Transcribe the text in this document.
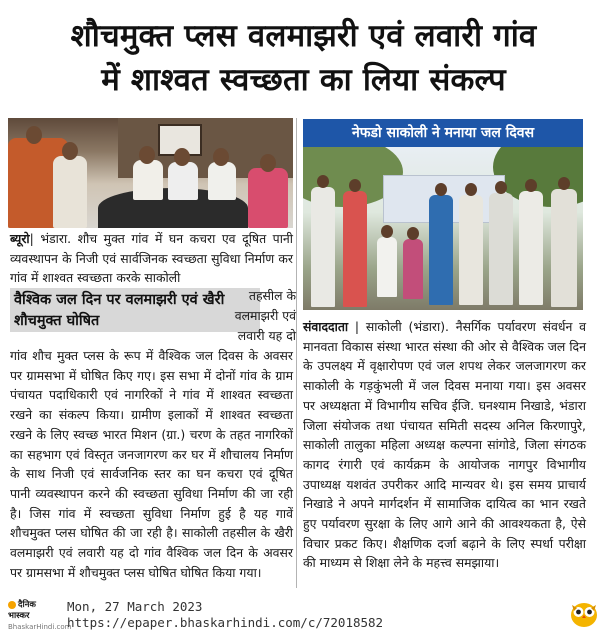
शौचमुक्त प्लस वलमाझरी एवं लवारी गांव
में शाश्वत स्वच्छता का लिया संकल्प
नेफडो साकोली ने मनाया जल दिवस

ब्यूरो| भंडारा. शौच मुक्त गांव में घन कचरा एव दूषित पानी व्यवस्थापन के निजी एवं सार्वजिनक स्वच्छता सुविधा निर्माण कर गांव में शाश्वत स्वच्छता करके साकोली

वैश्विक जल दिन पर वलमाझरी एवं खैरी शौचमुक्त घोषित
तहसील के
वलमाझरी एवं
लवारी यह दो

गांव शौच मुक्त प्लस के रूप में वैश्विक जल दिवस के अवसर पर ग्रामसभा में घोषित किए गए। इस सभा में दोनों गांव के ग्राम पंचायत पदाधिकारी एवं नागरिकों ने गांव में शाश्वत स्वच्छता रखने का संकल्प किया। ग्रामीण इलाकों में शाश्वत स्वच्छता रखने के लिए स्वच्छ भारत मिशन (ग्रा.) चरण के तहत नागरिकों का सहभाग एवं विस्तृत जनजागरण कर घर में शौचालय निर्माण के साथ निजी एवं सार्वजनिक स्तर का घन कचरा एवं दूषित पानी व्यवस्थापन करने की स्वच्छता सुविधा निर्माण की जा रही है। जिस गांव में स्वच्छता सुविधा निर्माण हुई है यह गावें शौचमुक्त प्लस घोषित की जा रही है। साकोली तहसील के खैरी वलमाझरी एवं लवारी यह दो गांव वैश्विक जल दिन के अवसर पर ग्रामसभा में शौचमुक्त प्लस घोषित घोषित किया गया।

संवाददाता | साकोली (भंडारा). नैसर्गिक पर्यावरण संवर्धन व मानवता विकास संस्था भारत संस्था की ओर से वैश्विक जल दिन के उपलक्ष्य में वृक्षारोपण एवं जल शपथ लेकर जलजागरण कर साकोली के गड़कुंभली में जल दिवस मनाया गया। इस अवसर पर अध्यक्षता में विभागीय सचिव ईजि. घनश्याम निखाडे, भंडारा जिला संयोजक तथा पंचायत समिती सदस्य अनिल किरणापुरे, साकोली तालुका महिला अध्यक्ष कल्पना सांगोडे, जिला संगठक कागद रंगारी एवं कार्यक्रम के आयोजक नागपुर विभागीय उपाध्यक्ष यशवंत उपरीकर आदि मान्यवर थे। इस समय प्राचार्य निखाडे ने अपने मार्गदर्शन में सामाजिक दायित्व का भान रखते हुए पर्यावरण सुरक्षा के लिए आगे आने की आवश्यकता है, ऐसे विचार प्रकट किए। शैक्षणिक दर्जा बढ़ाने के लिए स्पर्धा परीक्षा की माध्यम से शिक्षा लेने के महत्त्व समझाया।

दैनिक भास्कर
BhaskarHindi.com
Mon, 27 March 2023
https://epaper.bhaskarhindi.com/c/72018582
